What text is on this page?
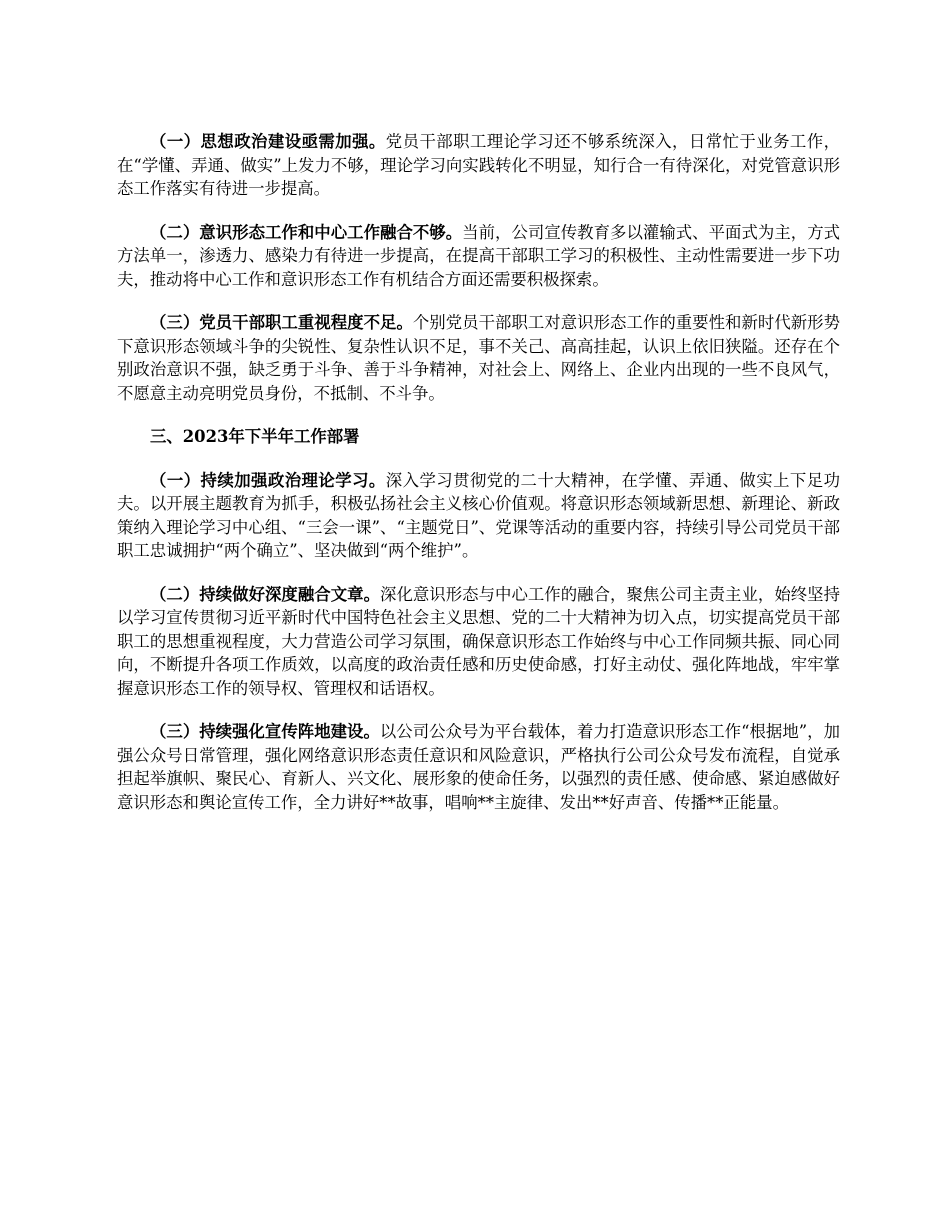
（一）思想政治建设亟需加强。党员干部职工理论学习还不够系统深入，日常忙于业务工作，在“学懂、弄通、做实”上发力不够，理论学习向实践转化不明显，知行合一有待深化，对党管意识形态工作落实有待进一步提高。

（二）意识形态工作和中心工作融合不够。当前，公司宣传教育多以灌输式、平面式为主，方式方法单一，渗透力、感染力有待进一步提高，在提高干部职工学习的积极性、主动性需要进一步下功夫，推动将中心工作和意识形态工作有机结合方面还需要积极探索。

（三）党员干部职工重视程度不足。个别党员干部职工对意识形态工作的重要性和新时代新形势下意识形态领域斗争的尖锐性、复杂性认识不足，事不关己、高高挂起，认识上依旧狭隘。还存在个别政治意识不强，缺乏勇于斗争、善于斗争精神，对社会上、网络上、企业内出现的一些不良风气，不愿意主动亮明党员身份，不抵制、不斗争。

三、2023年下半年工作部署

（一）持续加强政治理论学习。深入学习贯彻党的二十大精神，在学懂、弄通、做实上下足功夫。以开展主题教育为抓手，积极弘扬社会主义核心价值观。将意识形态领域新思想、新理论、新政策纳入理论学习中心组、“三会一课”、“主题党日”、党课等活动的重要内容，持续引导公司党员干部职工忠诚拥护“两个确立”、坚决做到“两个维护”。

（二）持续做好深度融合文章。深化意识形态与中心工作的融合，聚焦公司主责主业，始终坚持以学习宣传贯彻习近平新时代中国特色社会主义思想、党的二十大精神为切入点，切实提高党员干部职工的思想重视程度，大力营造公司学习氛围，确保意识形态工作始终与中心工作同频共振、同心同向，不断提升各项工作质效，以高度的政治责任感和历史使命感，打好主动仗、强化阵地战，牢牢掌握意识形态工作的领导权、管理权和话语权。

（三）持续强化宣传阵地建设。以公司公众号为平台载体，着力打造意识形态工作“根据地”，加强公众号日常管理，强化网络意识形态责任意识和风险意识，严格执行公司公众号发布流程，自觉承担起举旗帜、聚民心、育新人、兴文化、展形象的使命任务，以强烈的责任感、使命感、紧迫感做好意识形态和舆论宣传工作，全力讲好**故事，唱响**主旋律、发出**好声音、传播**正能量。
